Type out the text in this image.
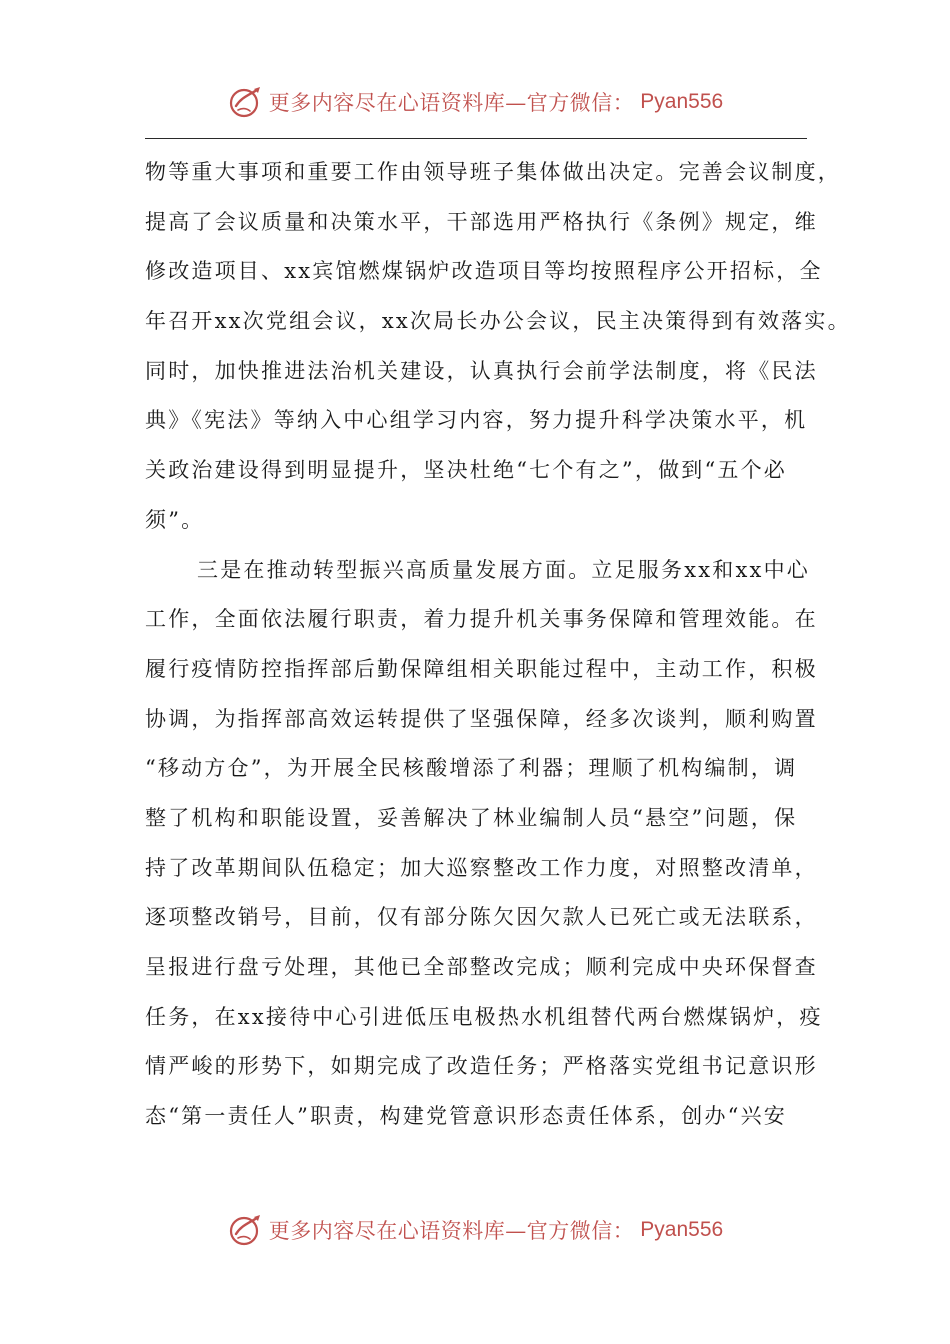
更多内容尽在心语资料库—官方微信： Pyan556
物等重大事项和重要工作由领导班子集体做出决定。完善会议制度，
提高了会议质量和决策水平，干部选用严格执行《条例》规定，维
修改造项目、xx宾馆燃煤锅炉改造项目等均按照程序公开招标，全
年召开xx次党组会议，xx次局长办公会议，民主决策得到有效落实。
同时，加快推进法治机关建设，认真执行会前学法制度，将《民法
典》《宪法》等纳入中心组学习内容，努力提升科学决策水平，机
关政治建设得到明显提升，坚决杜绝“七个有之”，做到“五个必
须”。
三是在推动转型振兴高质量发展方面。立足服务xx和xx中心
工作，全面依法履行职责，着力提升机关事务保障和管理效能。在
履行疫情防控指挥部后勤保障组相关职能过程中，主动工作，积极
协调，为指挥部高效运转提供了坚强保障，经多次谈判，顺利购置
“移动方仓”，为开展全民核酸增添了利器；理顺了机构编制，调
整了机构和职能设置，妥善解决了林业编制人员“悬空”问题，保
持了改革期间队伍稳定；加大巡察整改工作力度，对照整改清单，
逐项整改销号，目前，仅有部分陈欠因欠款人已死亡或无法联系，
呈报进行盘亏处理，其他已全部整改完成；顺利完成中央环保督查
任务，在xx接待中心引进低压电极热水机组替代两台燃煤锅炉，疫
情严峻的形势下，如期完成了改造任务；严格落实党组书记意识形
态“第一责任人”职责，构建党管意识形态责任体系，创办“兴安
更多内容尽在心语资料库—官方微信： Pyan556
